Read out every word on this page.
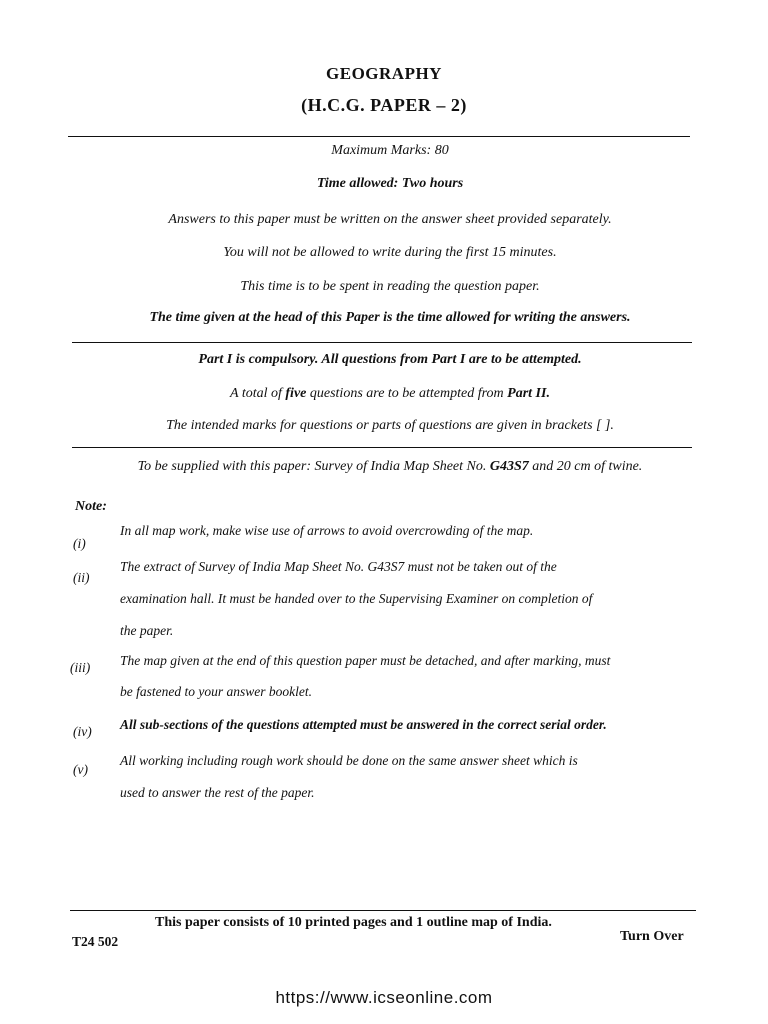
GEOGRAPHY
(H.C.G. PAPER – 2)
Maximum Marks: 80
Time allowed: Two hours
Answers to this paper must be written on the answer sheet provided separately.
You will not be allowed to write during the first 15 minutes.
This time is to be spent in reading the question paper.
The time given at the head of this Paper is the time allowed for writing the answers.
Part I is compulsory. All questions from Part I are to be attempted.
A total of five questions are to be attempted from Part II.
The intended marks for questions or parts of questions are given in brackets [ ].
To be supplied with this paper: Survey of India Map Sheet No. G43S7 and 20 cm of twine.
Note:
(i)
In all map work, make wise use of arrows to avoid overcrowding of the map.
(ii)
The extract of Survey of India Map Sheet No. G43S7 must not be taken out of the
examination hall. It must be handed over to the Supervising Examiner on completion of
the paper.
(iii) The map given at the end of this question paper must be detached, and after marking, must
be fastened to your answer booklet.
(iv) All sub-sections of the questions attempted must be answered in the correct serial order.
(v)
All working including rough work should be done on the same answer sheet which is
used to answer the rest of the paper.
This paper consists of 10 printed pages and 1 outline map of India.
T24 502	Turn Over
https://www.icseonline.com
